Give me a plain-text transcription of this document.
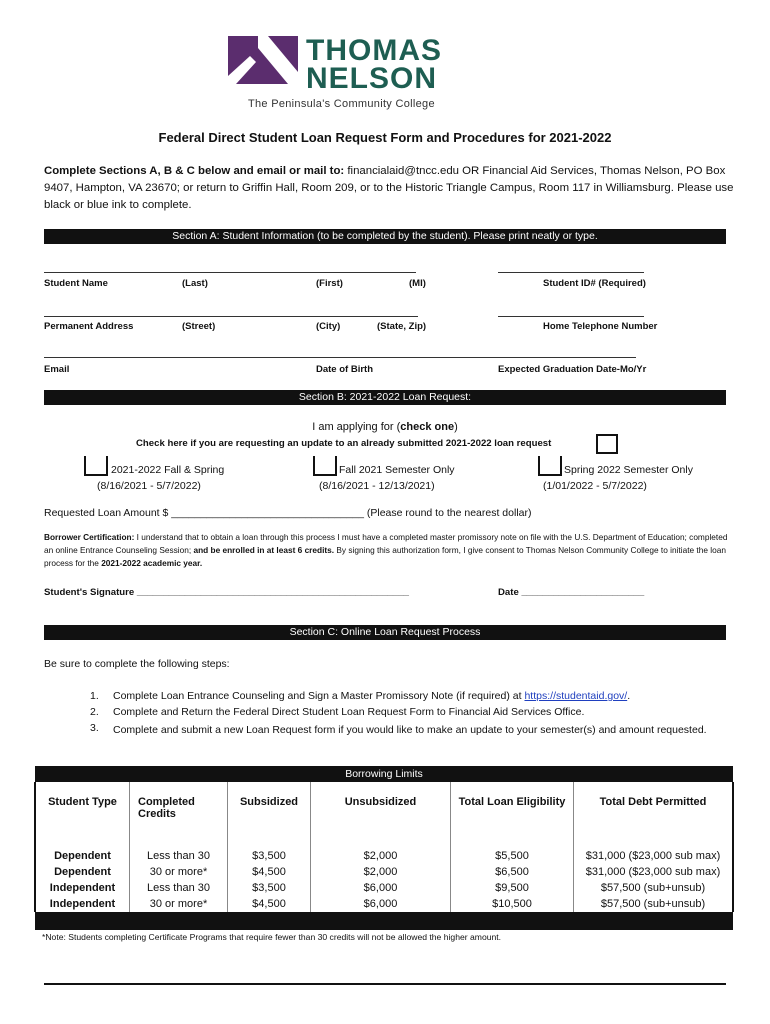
THOMAS
NELSON
The Peninsula's Community College
Federal Direct Student Loan Request Form and Procedures for 2021-2022
Complete Sections A, B & C below and email or mail to: financialaid@tncc.edu OR Financial Aid Services, Thomas Nelson, PO Box 9407, Hampton, VA 23670; or return to Griffin Hall, Room 209, or to the Historic Triangle Campus, Room 117 in Williamsburg. Please use black or blue ink to complete.
Section A: Student Information (to be completed by the student). Please print neatly or type.
Student Name	(Last)	(First)	(MI)	Student ID# (Required)
Permanent Address	(Street)	(City)	(State, Zip)	Home Telephone Number
Email	Date of Birth	Expected Graduation Date-Mo/Yr
Section B: 2021-2022 Loan Request:
I am applying for (check one)
Check here if you are requesting an update to an already submitted 2021-2022 loan request
2021-2022 Fall & Spring
(8/16/2021 - 5/7/2022)
Fall 2021 Semester Only
(8/16/2021 - 12/13/2021)
Spring 2022 Semester Only
(1/01/2022 - 5/7/2022)
Requested Loan Amount $ _________________________________ (Please round to the nearest dollar)
Borrower Certification: I understand that to obtain a loan through this process I must have a completed master promissory note on file with the U.S. Department of Education; completed an online Entrance Counseling Session; and be enrolled in at least 6 credits. By signing this authorization form, I give consent to Thomas Nelson Community College to initiate the loan process for the 2021-2022 academic year.
Student's Signature ___________________________________________________	Date _______________________
Section C: Online Loan Request Process
Be sure to complete the following steps:
1. Complete Loan Entrance Counseling and Sign a Master Promissory Note (if required) at https://studentaid.gov/.
2. Complete and Return the Federal Direct Student Loan Request Form to Financial Aid Services Office.
3. Complete and submit a new Loan Request form if you would like to make an update to your semester(s) and amount requested.
Borrowing Limits					
Student Type	Completed Credits	Subsidized	Unsubsidized	Total Loan Eligibility	Total Debt Permitted
Dependent	Less than 30	$3,500	$2,000	$5,500	$31,000 ($23,000 sub max)
Dependent	30 or more*	$4,500	$2,000	$6,500	$31,000 ($23,000 sub max)
Independent	Less than 30	$3,500	$6,000	$9,500	$57,500 (sub+unsub)
Independent	30 or more*	$4,500	$6,000	$10,500	$57,500 (sub+unsub)

*Note: Students completing Certificate Programs that require fewer than 30 credits will not be allowed the higher amount.
